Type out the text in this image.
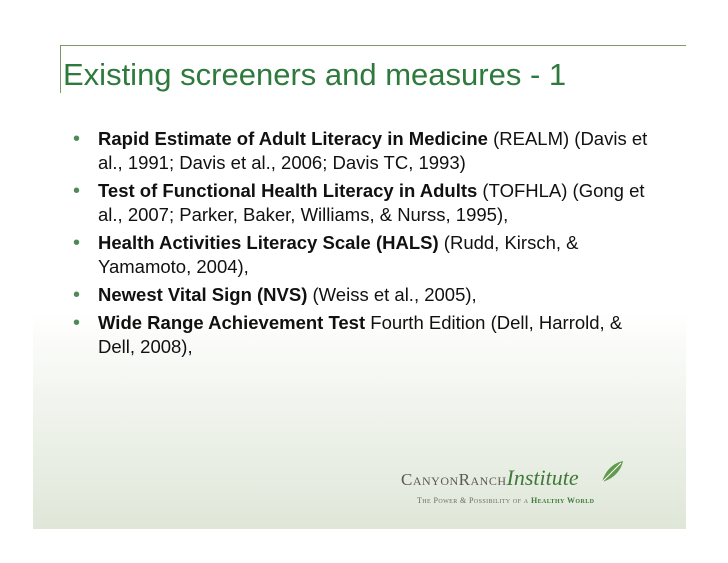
Existing screeners and measures - 1
• Rapid Estimate of Adult Literacy in Medicine (REALM) (Davis et al., 1991; Davis et al., 2006; Davis TC, 1993)
• Test of Functional Health Literacy in Adults (TOFHLA) (Gong et al., 2007; Parker, Baker, Williams, & Nurss, 1995),
• Health Activities Literacy Scale (HALS) (Rudd, Kirsch, & Yamamoto, 2004),
• Newest Vital Sign (NVS) (Weiss et al., 2005),
• Wide Range Achievement Test Fourth Edition (Dell, Harrold, & Dell, 2008),
CanyonRanchInstitute
The Power & Possibility of a Healthy World
